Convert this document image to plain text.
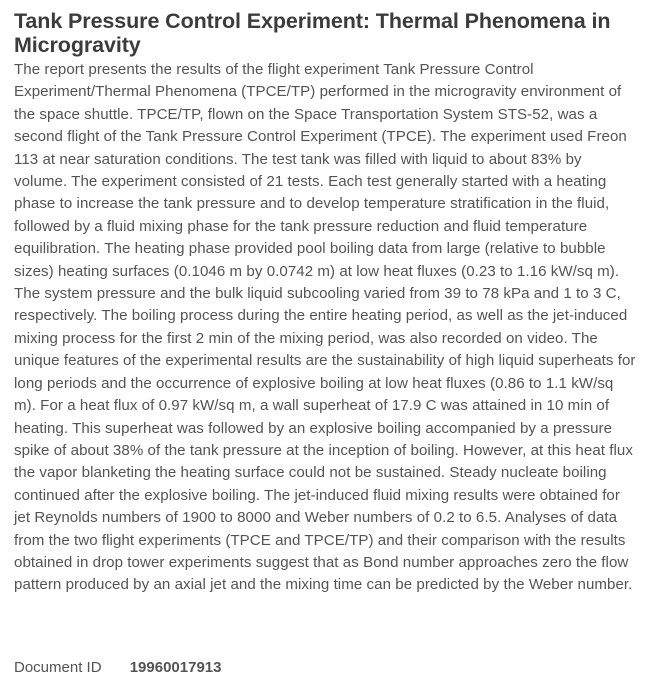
Tank Pressure Control Experiment: Thermal Phenomena in Microgravity

The report presents the results of the flight experiment Tank Pressure Control Experiment/Thermal Phenomena (TPCE/TP) performed in the microgravity environment of the space shuttle. TPCE/TP, flown on the Space Transportation System STS-52, was a second flight of the Tank Pressure Control Experiment (TPCE). The experiment used Freon 113 at near saturation conditions. The test tank was filled with liquid to about 83% by volume. The experiment consisted of 21 tests. Each test generally started with a heating phase to increase the tank pressure and to develop temperature stratification in the fluid, followed by a fluid mixing phase for the tank pressure reduction and fluid temperature equilibration. The heating phase provided pool boiling data from large (relative to bubble sizes) heating surfaces (0.1046 m by 0.0742 m) at low heat fluxes (0.23 to 1.16 kW/sq m). The system pressure and the bulk liquid subcooling varied from 39 to 78 kPa and 1 to 3 C, respectively. The boiling process during the entire heating period, as well as the jet-induced mixing process for the first 2 min of the mixing period, was also recorded on video. The unique features of the experimental results are the sustainability of high liquid superheats for long periods and the occurrence of explosive boiling at low heat fluxes (0.86 to 1.1 kW/sq m). For a heat flux of 0.97 kW/sq m, a wall superheat of 17.9 C was attained in 10 min of heating. This superheat was followed by an explosive boiling accompanied by a pressure spike of about 38% of the tank pressure at the inception of boiling. However, at this heat flux the vapor blanketing the heating surface could not be sustained. Steady nucleate boiling continued after the explosive boiling. The jet-induced fluid mixing results were obtained for jet Reynolds numbers of 1900 to 8000 and Weber numbers of 0.2 to 6.5. Analyses of data from the two flight experiments (TPCE and TPCE/TP) and their comparison with the results obtained in drop tower experiments suggest that as Bond number approaches zero the flow pattern produced by an axial jet and the mixing time can be predicted by the Weber number.

Document ID 19960017913
